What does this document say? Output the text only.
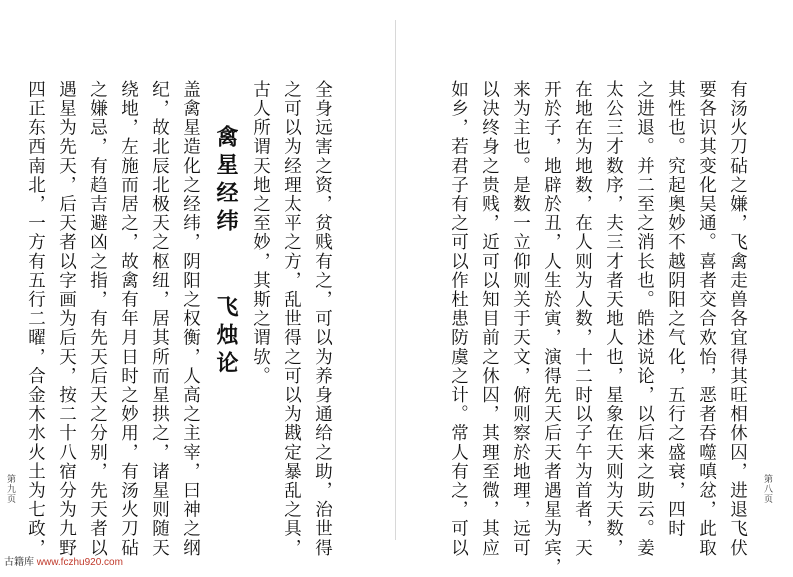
盖禽星造化之经纬，阴阳之权衡，人高之主宰，曰神之纲
纪，故北辰北极天之枢纽，居其所而星拱之，诸星则随天
绕地，左施而居之，故禽有年月日时之妙用，有汤火刀砧
之嫌忌，有趋吉避凶之指，有先天后天之分别，先天者以
遇星为先天，后天者以字画为后天，按二十八宿分为九野
四正东西南北，一方有五行二曜，合金木水火土为七政，	禽星经纬
飞烛论	全身远害之资，贫贱有之，可以为养身通给之助，治世得
之可以为经理太平之方，乱世得之可以为戡定暴乱之具，
古人所谓天地之至妙，其斯之谓欤。
第九页	有汤火刀砧之嫌，飞禽走兽各宜得其旺相休囚，进退飞伏
要各识其变化吴通。喜者交合欢怡，恶者吞噬嗔忿，此取
其性也。究起奥妙不越阴阳之气化，五行之盛衰，四时
之进退。并二至之消长也。皓述说论，以后来之助云。姜
太公三才数序，夫三才者天地人也，星象在天则为天数，
在地在为地数，在人则为人数，十二时以子午为首者，天
开於子，地辟於丑，人生於寅，演得先天后天者遇星为宾，
来为主也。是数一立仰则关于天文，俯则察於地理，远可
以决终身之贵贱，近可以知目前之休囚，其理至微，其应
如乡，若君子有之可以作杜患防虞之计。常人有之，可以	第八页
古籍库 www.fczhu920.com
